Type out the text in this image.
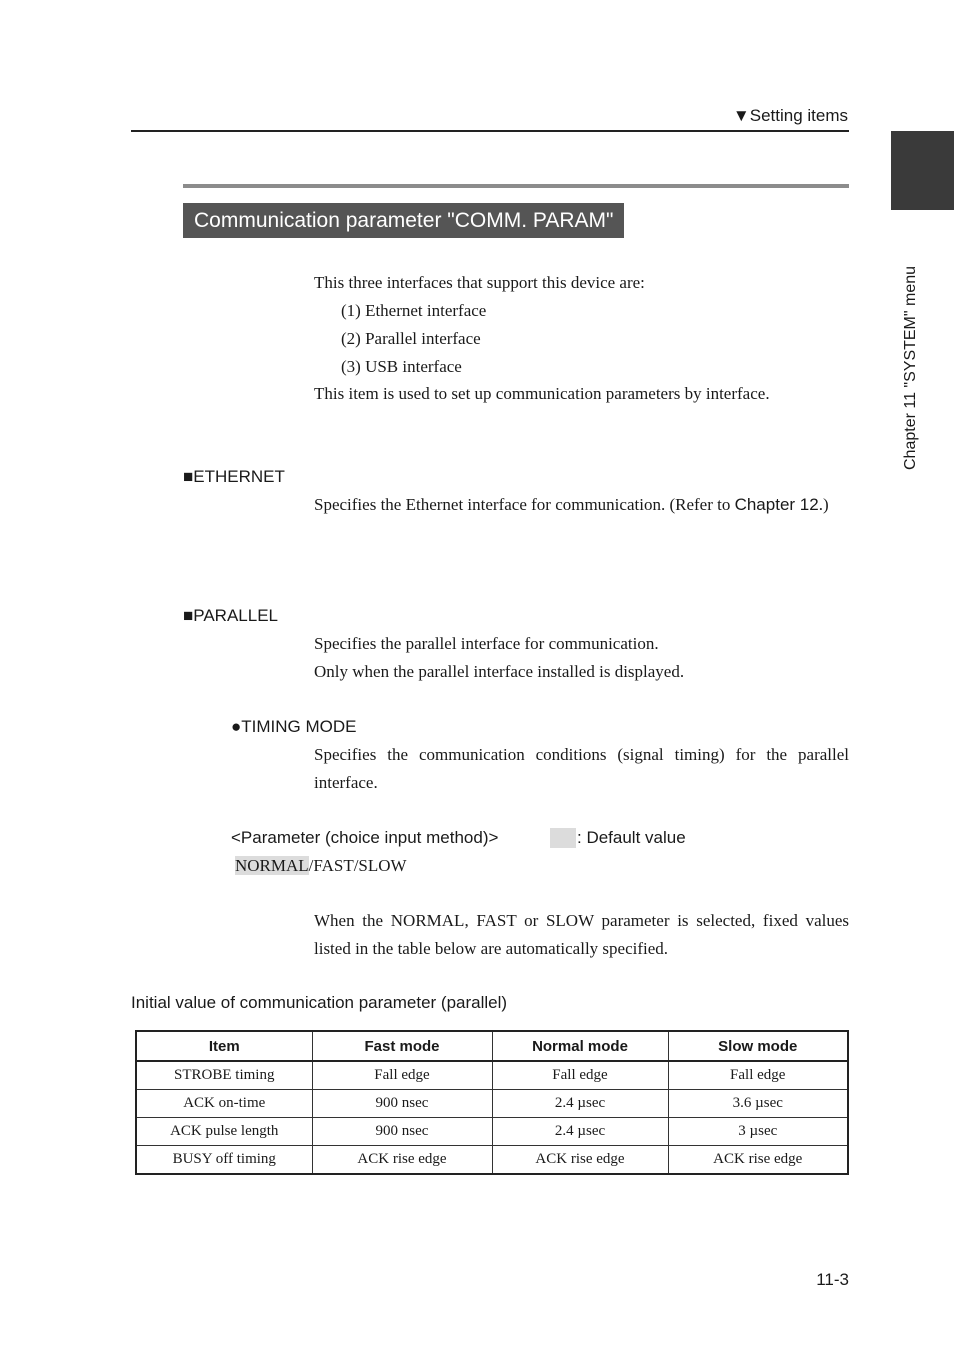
▼Setting items
Chapter 11 "SYSTEM" menu
Communication parameter "COMM. PARAM"
This three interfaces that support this device are:
(1) Ethernet interface
(2) Parallel interface
(3) USB interface
This item is used to set up communication parameters by interface.
■ETHERNET
Specifies the Ethernet interface for communication. (Refer to Chapter 12.)
■PARALLEL
Specifies the parallel interface for communication.
Only when the parallel interface installed is displayed.
●TIMING MODE
Specifies the communication conditions (signal timing) for the parallel interface.
<Parameter (choice input method)>	: Default value
NORMAL/FAST/SLOW
When the NORMAL, FAST or SLOW parameter is selected, fixed values listed in the table below are automatically specified.
Initial value of communication parameter (parallel)
Item	Fast mode	Normal mode	Slow mode
STROBE timing	Fall edge	Fall edge	Fall edge
ACK on-time	900 nsec	2.4 µsec	3.6 µsec
ACK pulse length	900 nsec	2.4 µsec	3 µsec
BUSY off timing	ACK rise edge	ACK rise edge	ACK rise edge
11-3
